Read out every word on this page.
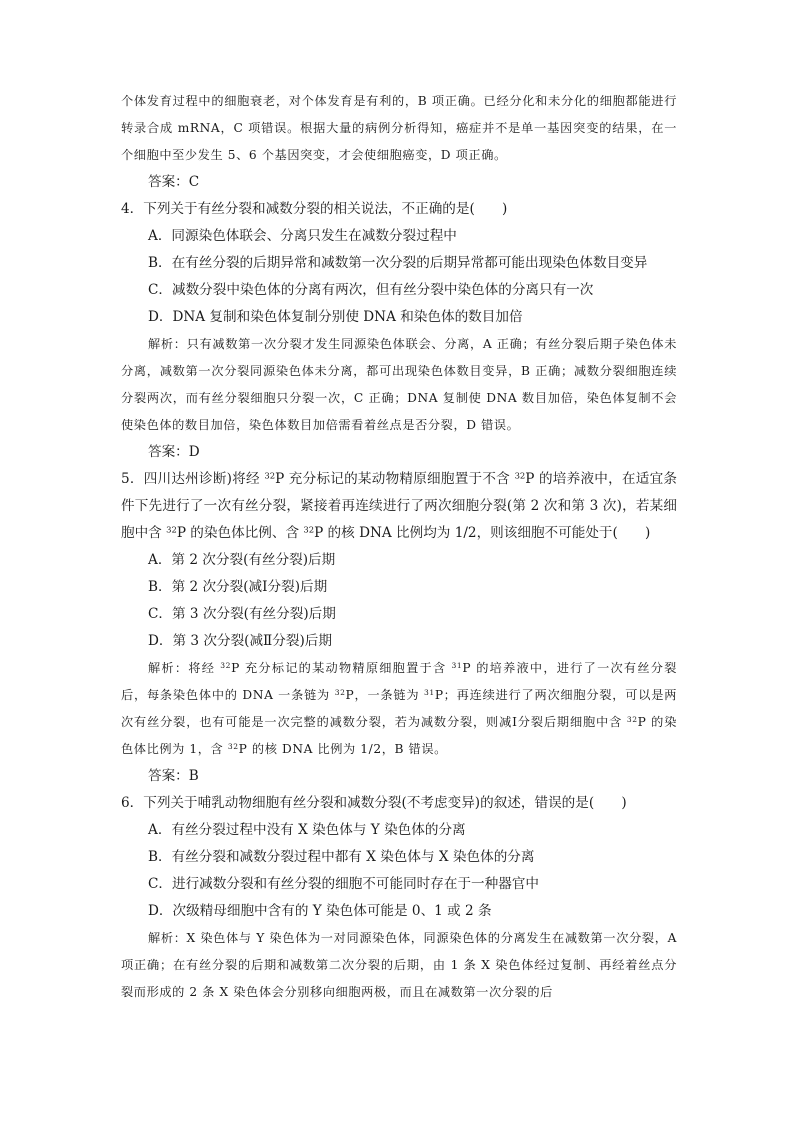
个体发育过程中的细胞衰老，对个体发育是有利的，B 项正确。已经分化和未分化的细胞都能进行转录合成 mRNA，C 项错误。根据大量的病例分析得知，癌症并不是单一基因突变的结果，在一个细胞中至少发生 5、6 个基因突变，才会使细胞癌变，D 项正确。

答案：C

4．下列关于有丝分裂和减数分裂的相关说法，不正确的是(　　)

A．同源染色体联会、分离只发生在减数分裂过程中

B．在有丝分裂的后期异常和减数第一次分裂的后期异常都可能出现染色体数目变异

C．减数分裂中染色体的分离有两次，但有丝分裂中染色体的分离只有一次

D．DNA 复制和染色体复制分别使 DNA 和染色体的数目加倍

解析：只有减数第一次分裂才发生同源染色体联会、分离，A 正确；有丝分裂后期子染色体未分离，减数第一次分裂同源染色体未分离，都可出现染色体数目变异，B 正确；减数分裂细胞连续分裂两次，而有丝分裂细胞只分裂一次，C 正确；DNA 复制使 DNA 数目加倍，染色体复制不会使染色体的数目加倍，染色体数目加倍需看着丝点是否分裂，D 错误。

答案：D

5．四川达州诊断)将经 $^{32}$P 充分标记的某动物精原细胞置于不含 $^{32}$P 的培养液中，在适宜条件下先进行了一次有丝分裂，紧接着再连续进行了两次细胞分裂(第 2 次和第 3 次)，若某细胞中含 $^{32}$P 的染色体比例、含 $^{32}$P 的核 DNA 比例均为 1/2，则该细胞不可能处于(　　)

A．第 2 次分裂(有丝分裂)后期

B．第 2 次分裂(减Ⅰ分裂)后期

C．第 3 次分裂(有丝分裂)后期

D．第 3 次分裂(减Ⅱ分裂)后期

解析：将经 $^{32}$P 充分标记的某动物精原细胞置于含 $^{31}$P 的培养液中，进行了一次有丝分裂后，每条染色体中的 DNA 一条链为 $^{32}$P，一条链为 $^{31}$P；再连续进行了两次细胞分裂，可以是两次有丝分裂，也有可能是一次完整的减数分裂，若为减数分裂，则减Ⅰ分裂后期细胞中含 $^{32}$P 的染色体比例为 1，含 $^{32}$P 的核 DNA 比例为 1/2，B 错误。

答案：B

6．下列关于哺乳动物细胞有丝分裂和减数分裂(不考虑变异)的叙述，错误的是(　　)

A．有丝分裂过程中没有 X 染色体与 Y 染色体的分离

B．有丝分裂和减数分裂过程中都有 X 染色体与 X 染色体的分离

C．进行减数分裂和有丝分裂的细胞不可能同时存在于一种器官中

D．次级精母细胞中含有的 Y 染色体可能是 0、1 或 2 条

解析：X 染色体与 Y 染色体为一对同源染色体，同源染色体的分离发生在减数第一次分裂，A 项正确；在有丝分裂的后期和减数第二次分裂的后期，由 1 条 X 染色体经过复制、再经着丝点分裂而形成的 2 条 X 染色体会分别移向细胞两极，而且在减数第一次分裂的后
